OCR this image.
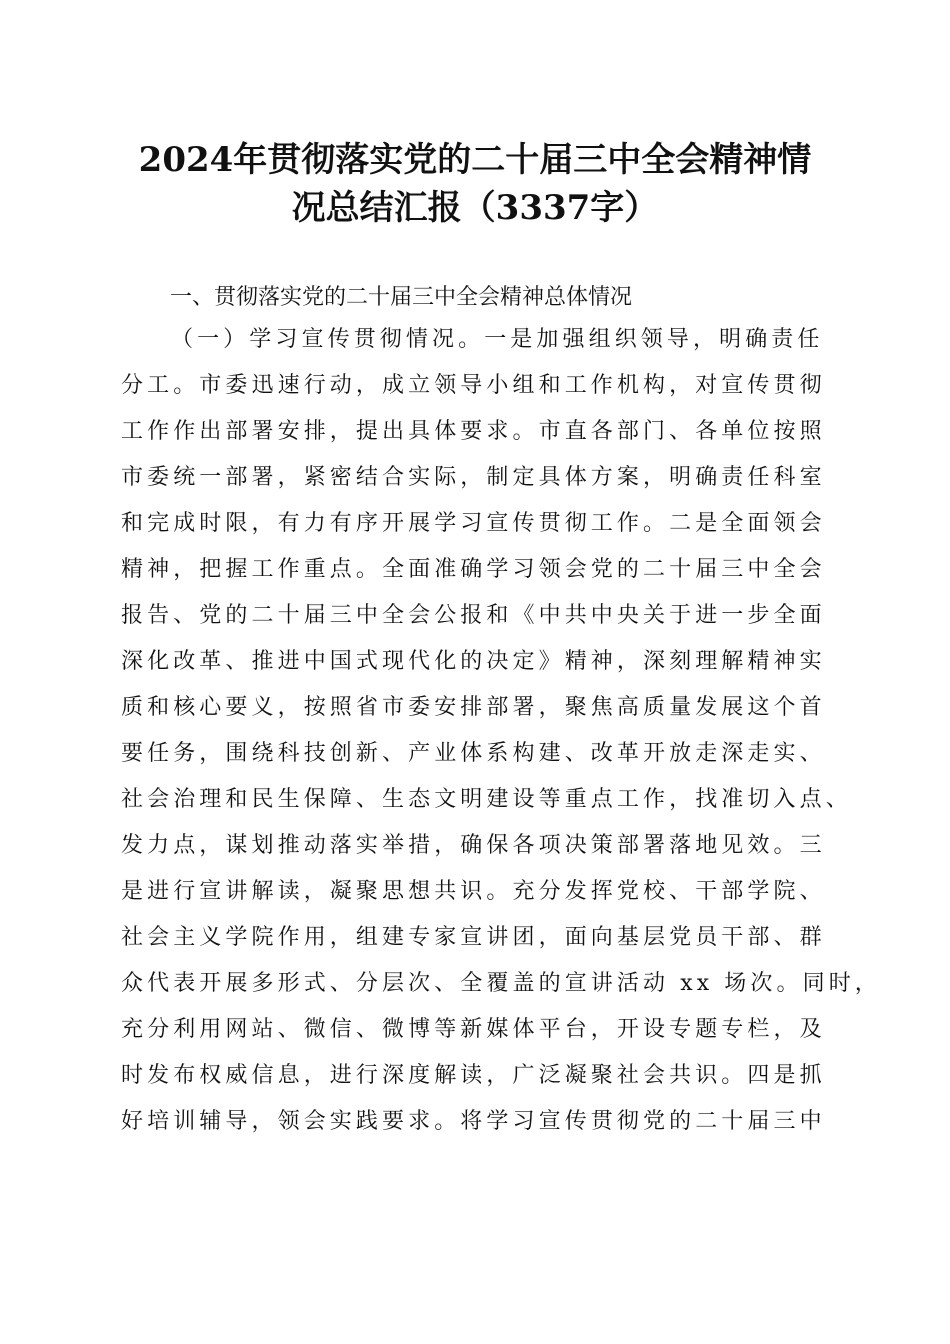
2024年贯彻落实党的二十届三中全会精神情
况总结汇报（3337字）
一、贯彻落实党的二十届三中全会精神总体情况
（一）学习宣传贯彻情况。一是加强组织领导，明确责任
分工。市委迅速行动，成立领导小组和工作机构，对宣传贯彻
工作作出部署安排，提出具体要求。市直各部门、各单位按照
市委统一部署，紧密结合实际，制定具体方案，明确责任科室
和完成时限，有力有序开展学习宣传贯彻工作。二是全面领会
精神，把握工作重点。全面准确学习领会党的二十届三中全会
报告、党的二十届三中全会公报和《中共中央关于进一步全面
深化改革、推进中国式现代化的决定》精神，深刻理解精神实
质和核心要义，按照省市委安排部署，聚焦高质量发展这个首
要任务，围绕科技创新、产业体系构建、改革开放走深走实、
社会治理和民生保障、生态文明建设等重点工作，找准切入点、
发力点，谋划推动落实举措，确保各项决策部署落地见效。三
是进行宣讲解读，凝聚思想共识。充分发挥党校、干部学院、
社会主义学院作用，组建专家宣讲团，面向基层党员干部、群
众代表开展多形式、分层次、全覆盖的宣讲活动 xx 场次。同时，
充分利用网站、微信、微博等新媒体平台，开设专题专栏，及
时发布权威信息，进行深度解读，广泛凝聚社会共识。四是抓
好培训辅导，领会实践要求。将学习宣传贯彻党的二十届三中
